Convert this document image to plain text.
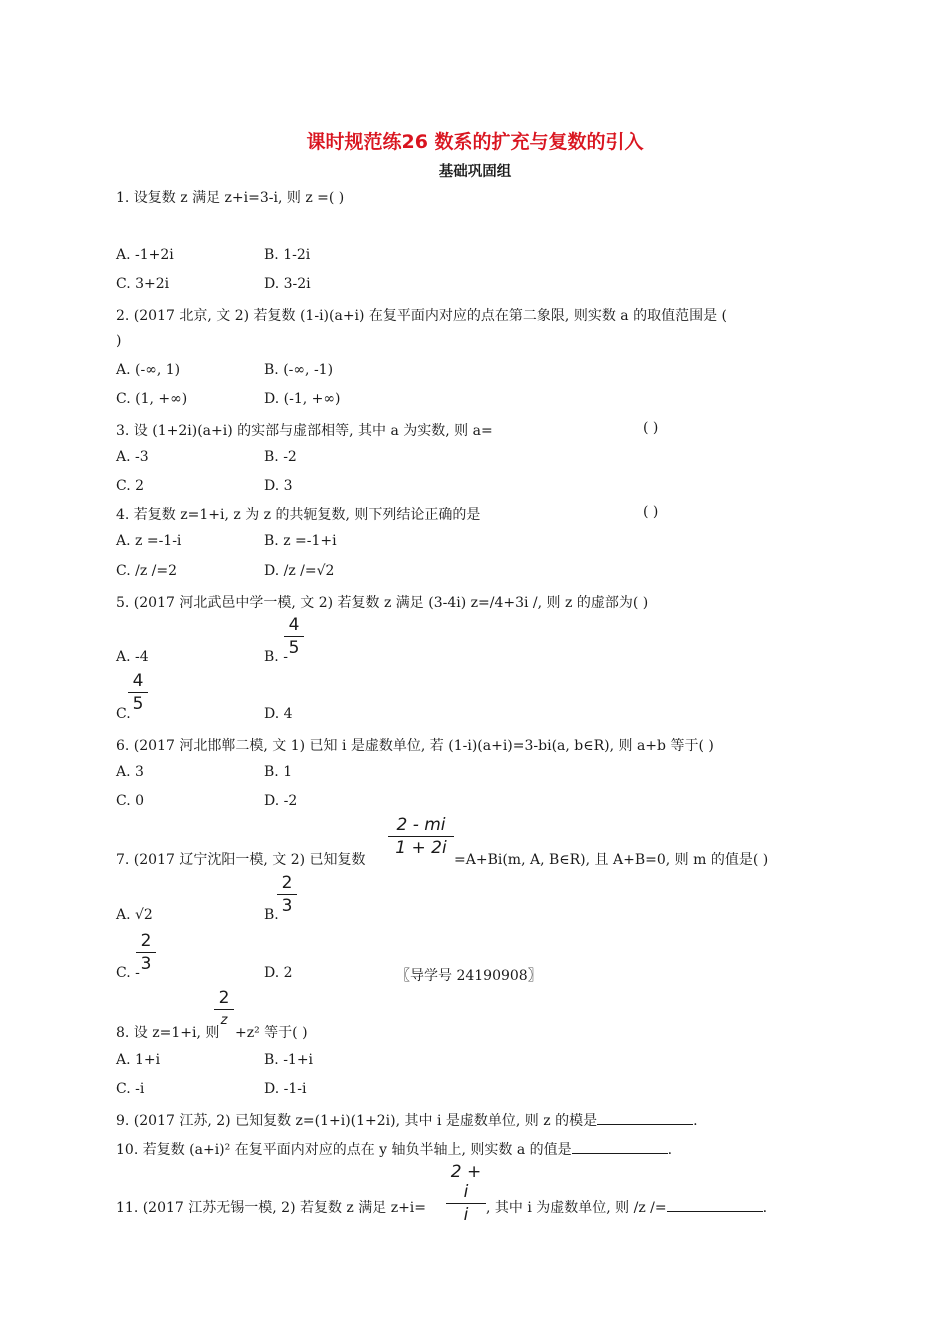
课时规范练26 数系的扩充与复数的引入
基础巩固组
1. 设复数 z 满足 z+i=3-i, 则 z =( )
A. -1+2i	B. 1-2i
C. 3+2i	D. 3-2i
2. (2017 北京, 文 2) 若复数 (1-i)(a+i) 在复平面内对应的点在第二象限, 则实数 a 的取值范围是 (
)
A. (-∞, 1)	B. (-∞, -1)
C. (1, +∞)	D. (-1, +∞)
3. 设 (1+2i)(a+i) 的实部与虚部相等, 其中 a 为实数, 则 a=	( )
A. -3	B. -2
C. 2	D. 3
4. 若复数 z=1+i, z 为 z 的共轭复数, 则下列结论正确的是	( )
A. z =-1-i	B. z =-1+i
C. /z /=2	D. /z /=√2
5. (2017 河北武邑中学一模, 文 2) 若复数 z 满足 (3-4i) z=/4+3i /, 则 z 的虚部为( )
4
5
A. -4	B. -
4
5
C.	D. 4
6. (2017 河北邯郸二模, 文 1) 已知 i 是虚数单位, 若 (1-i)(a+i)=3-bi(a, b∈R), 则 a+b 等于( )
A. 3	B. 1
C. 0	D. -2
7. (2017 辽宁沈阳一模, 文 2) 已知复数
2 - mi
1 + 2i
=A+Bi(m, A, B∈R), 且 A+B=0, 则 m 的值是( )
2
3
A. √2	B.
2
3
C. -	D. 2	〖导学号 24190908〗
8. 设 z=1+i, 则
2
z
+z² 等于( )
A. 1+i	B. -1+i
C. -i	D. -1-i
9. (2017 江苏, 2) 已知复数 z=(1+i)(1+2i), 其中 i 是虚数单位, 则 z 的模是	.
10. 若复数 (a+i)² 在复平面内对应的点在 y 轴负半轴上, 则实数 a 的值是	.
11. (2017 江苏无锡一模, 2) 若复数 z 满足 z+i=
2 + i
i	, 其中 i 为虚数单位, 则 /z /=	.
